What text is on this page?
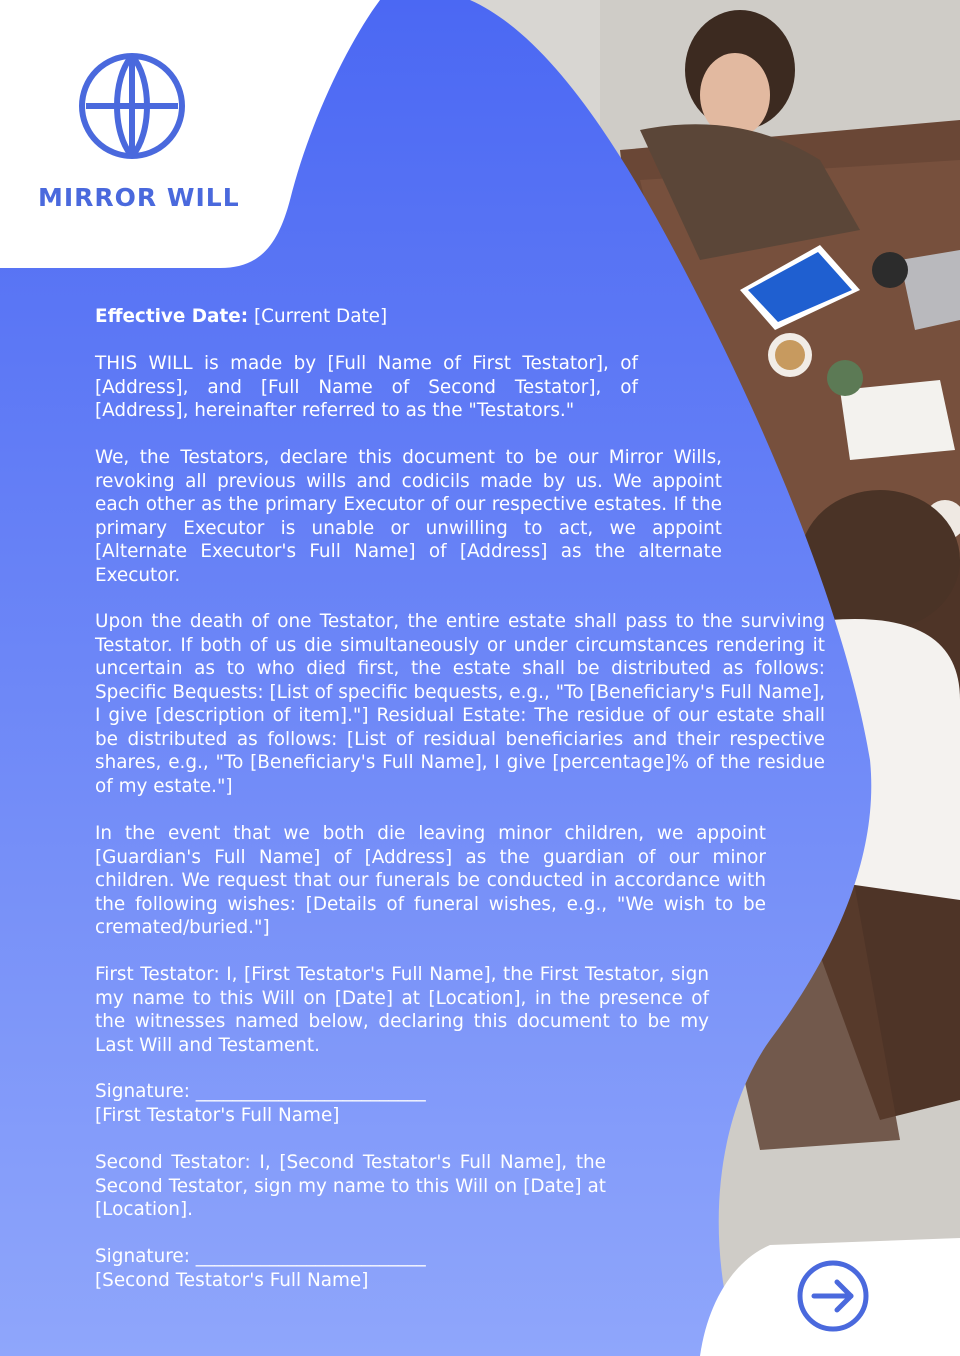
MIRROR WILL

Effective Date: [Current Date]

THIS WILL is made by [Full Name of First Testator], of [Address], and [Full Name of Second Testator], of [Address], hereinafter referred to as the "Testators."

We, the Testators, declare this document to be our Mirror Wills, revoking all previous wills and codicils made by us. We appoint each other as the primary Executor of our respective estates. If the primary Executor is unable or unwilling to act, we appoint [Alternate Executor's Full Name] of [Address] as the alternate Executor.

Upon the death of one Testator, the entire estate shall pass to the surviving Testator. If both of us die simultaneously or under circumstances rendering it uncertain as to who died first, the estate shall be distributed as follows: Specific Bequests: [List of specific bequests, e.g., "To [Beneficiary's Full Name], I give [description of item]."] Residual Estate: The residue of our estate shall be distributed as follows: [List of residual beneficiaries and their respective shares, e.g., "To [Beneficiary's Full Name], I give [percentage]% of the residue of my estate."]

In the event that we both die leaving minor children, we appoint [Guardian's Full Name] of [Address] as the guardian of our minor children. We request that our funerals be conducted in accordance with the following wishes: [Details of funeral wishes, e.g., "We wish to be cremated/buried."]

First Testator: I, [First Testator's Full Name], the First Testator, sign my name to this Will on [Date] at [Location], in the presence of the witnesses named below, declaring this document to be my Last Will and Testament.

Signature: _________________________

[First Testator's Full Name]

Second Testator: I, [Second Testator's Full Name], the Second Testator, sign my name to this Will on [Date] at [Location].

Signature: _________________________

[Second Testator's Full Name]
